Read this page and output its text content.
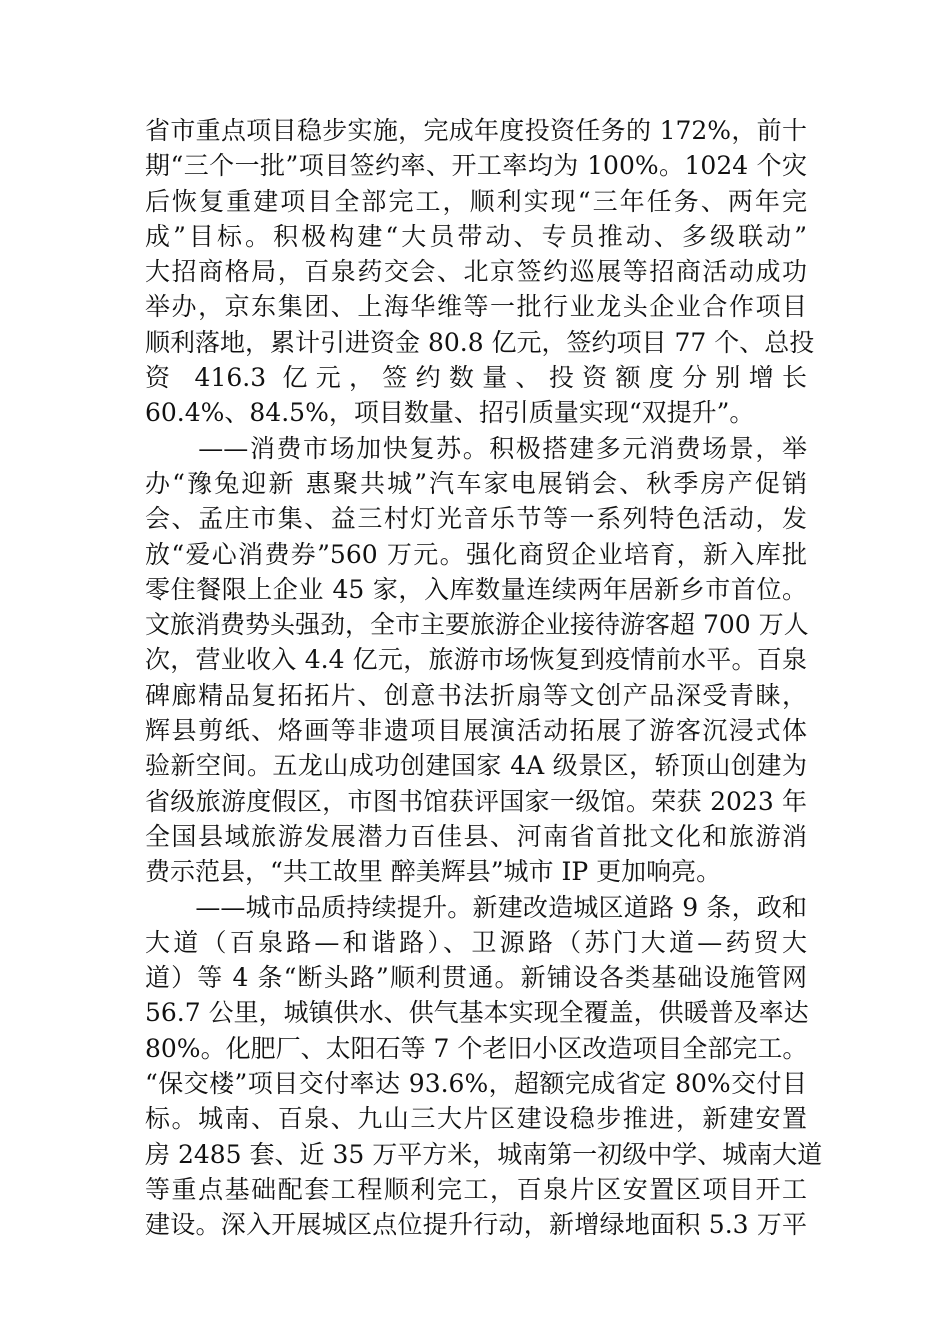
省市重点项目稳步实施，完成年度投资任务的 172%，前十
期“三个一批”项目签约率、开工率均为 100%。1024 个灾
后恢复重建项目全部完工，顺利实现“三年任务、两年完
成”目标。积极构建“大员带动、专员推动、多级联动”
大招商格局，百泉药交会、北京签约巡展等招商活动成功
举办，京东集团、上海华维等一批行业龙头企业合作项目
顺利落地，累计引进资金 80.8 亿元，签约项目 77 个、总投
资 416.3 亿元，签约数量、投资额度分别增长
60.4%、84.5%，项目数量、招引质量实现“双提升”。
　　——消费市场加快复苏。积极搭建多元消费场景，举
办“豫兔迎新 惠聚共城”汽车家电展销会、秋季房产促销
会、孟庄市集、益三村灯光音乐节等一系列特色活动，发
放“爱心消费券”560 万元。强化商贸企业培育，新入库批
零住餐限上企业 45 家，入库数量连续两年居新乡市首位。
文旅消费势头强劲，全市主要旅游企业接待游客超 700 万人
次，营业收入 4.4 亿元，旅游市场恢复到疫情前水平。百泉
碑廊精品复拓拓片、创意书法折扇等文创产品深受青睐，
辉县剪纸、烙画等非遗项目展演活动拓展了游客沉浸式体
验新空间。五龙山成功创建国家 4A 级景区，轿顶山创建为
省级旅游度假区，市图书馆获评国家一级馆。荣获 2023 年
全国县域旅游发展潜力百佳县、河南省首批文化和旅游消
费示范县，“共工故里 醉美辉县”城市 IP 更加响亮。
　　——城市品质持续提升。新建改造城区道路 9 条，政和
大道（百泉路—和谐路）、卫源路（苏门大道—药贸大
道）等 4 条“断头路”顺利贯通。新铺设各类基础设施管网
56.7 公里，城镇供水、供气基本实现全覆盖，供暖普及率达
80%。化肥厂、太阳石等 7 个老旧小区改造项目全部完工。
“保交楼”项目交付率达 93.6%，超额完成省定 80%交付目
标。城南、百泉、九山三大片区建设稳步推进，新建安置
房 2485 套、近 35 万平方米，城南第一初级中学、城南大道
等重点基础配套工程顺利完工，百泉片区安置区项目开工
建设。深入开展城区点位提升行动，新增绿地面积 5.3 万平
